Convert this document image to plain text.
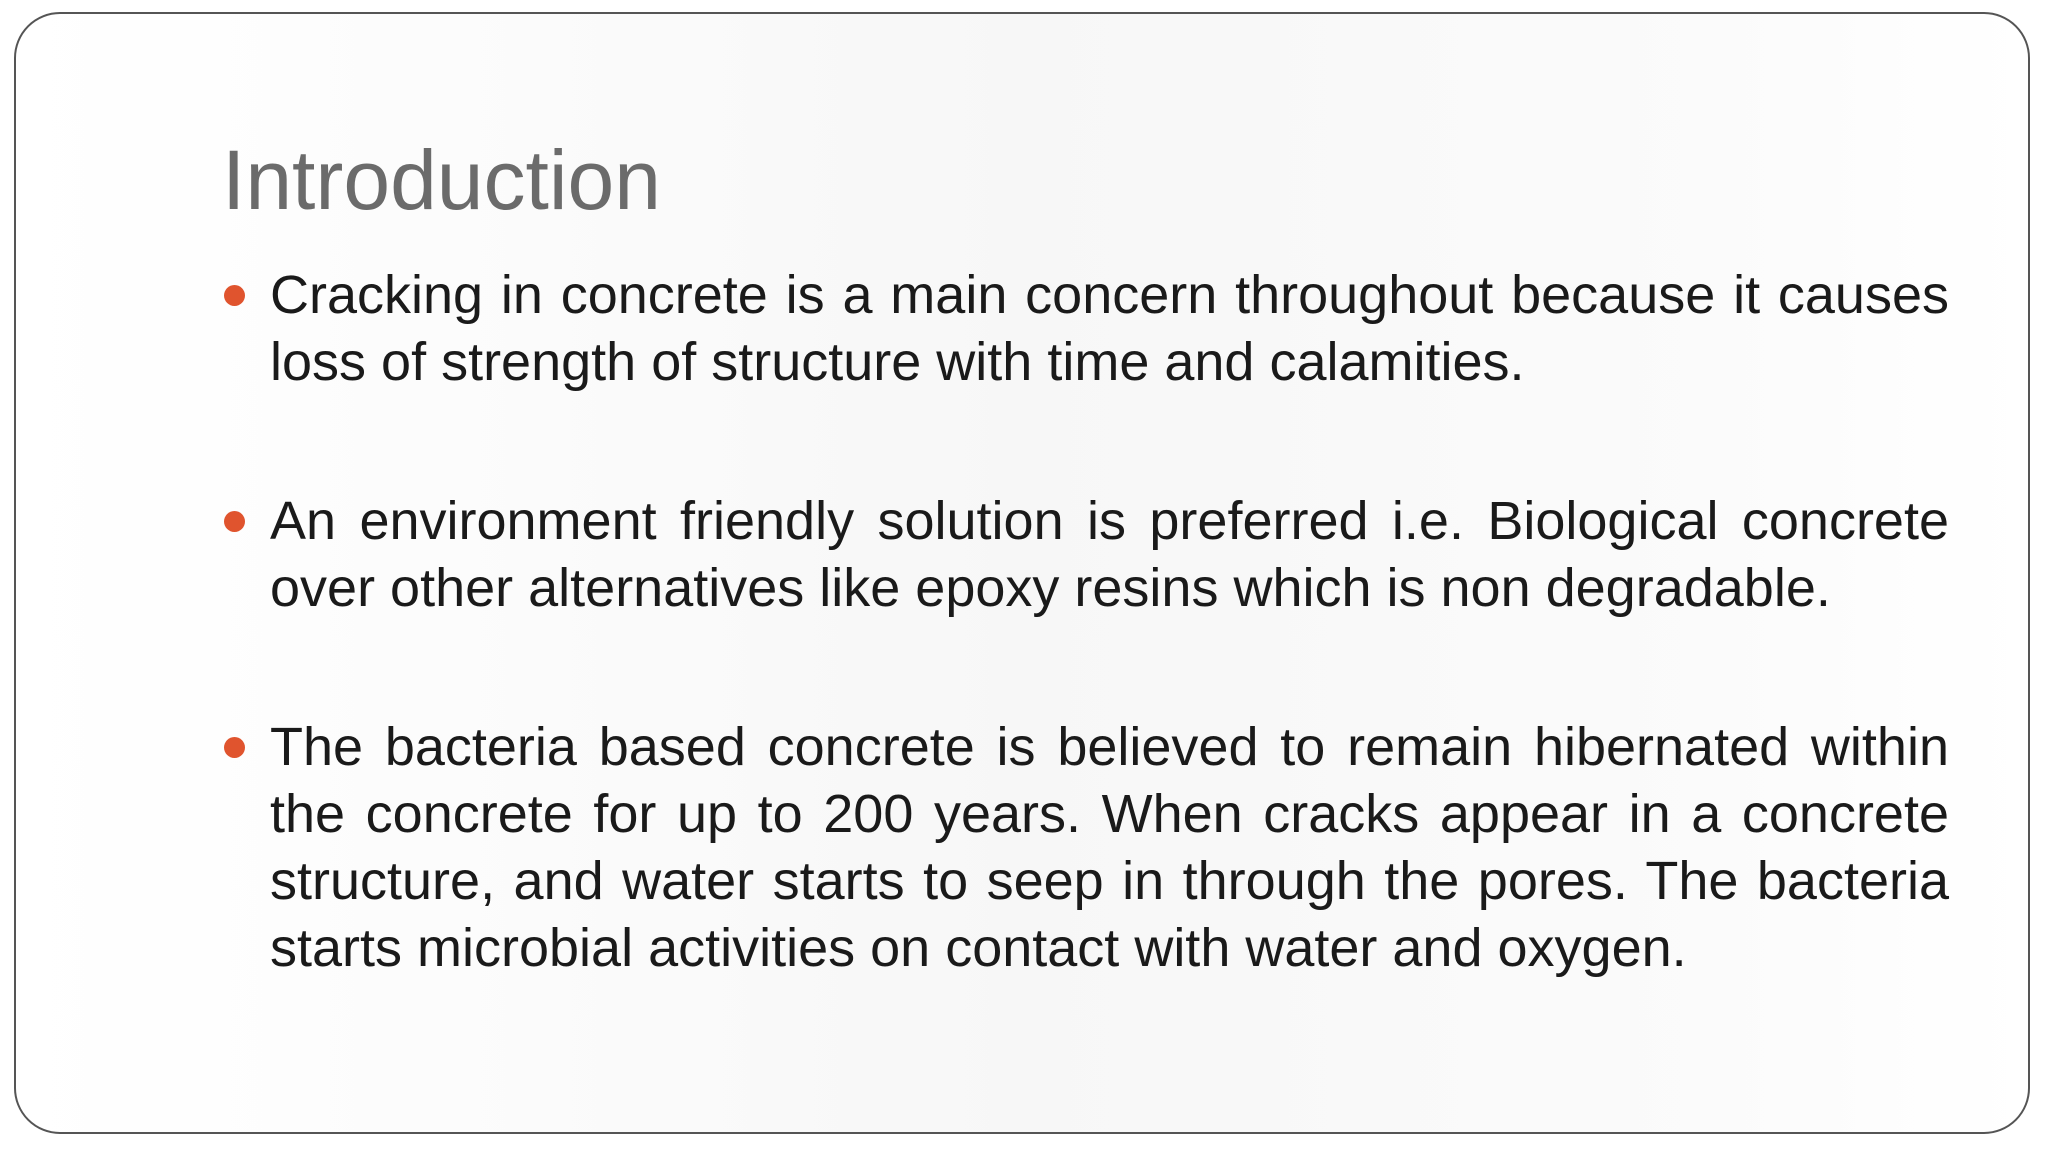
Introduction
Cracking in concrete is a main concern throughout because it causes loss of strength of structure with time and calamities.
An environment friendly solution is preferred i.e. Biological concrete over other alternatives like epoxy resins which is non degradable.
The bacteria based concrete is believed to remain hibernated within the concrete for up to 200 years. When cracks appear in a concrete structure, and water starts to seep in through the pores. The bacteria starts microbial activities on contact with water and oxygen.
